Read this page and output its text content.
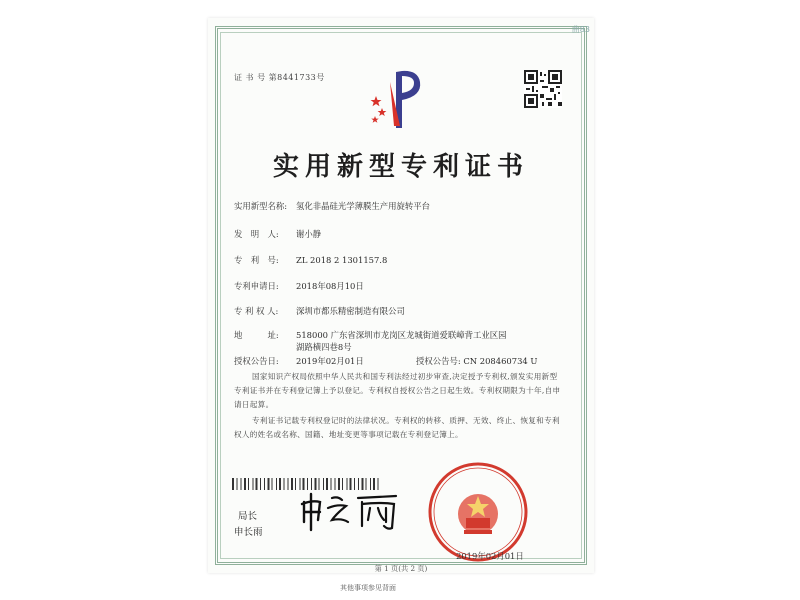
曲83
证 书 号 第8441733号
实用新型专利证书
实用新型名称: 氢化非晶硅光学薄膜生产用旋转平台
发　明　人: 谢小静
专　利　号: ZL 2018 2 1301157.8
专利申请日: 2018年08月10日
专 利 权 人: 深圳市都乐精密制造有限公司
地　　　址: 518000 广东省深圳市龙岗区龙城街道爱联嶂背工业区园
湖路横四巷8号
授权公告日: 2019年02月01日	授权公告号: CN 208460734 U
国家知识产权局依照中华人民共和国专利法经过初步审查,决定授予专利权,颁发实用新型专利证书并在专利登记簿上予以登记。专利权自授权公告之日起生效。专利权期限为十年,自申请日起算。
专利证书记载专利权登记时的法律状况。专利权的转移、质押、无效、终止、恢复和专利权人的姓名或名称、国籍、地址变更等事项记载在专利登记簿上。
局长
申长雨
2019年02月01日
第 1 页(共 2 页)
其他事项参见背面
